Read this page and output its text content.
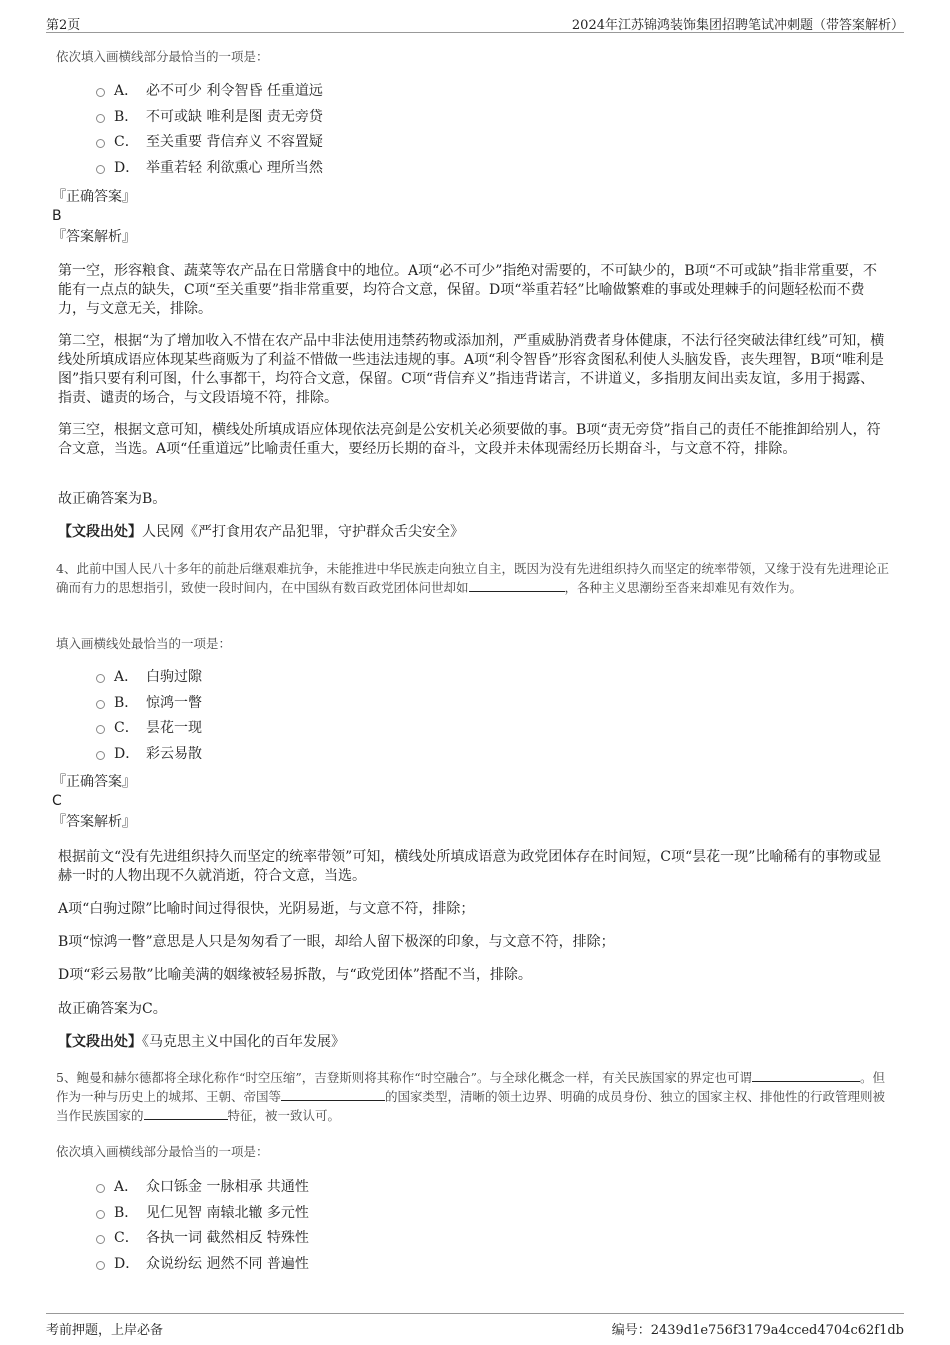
第2页	2024年江苏锦鸿装饰集团招聘笔试冲刺题（带答案解析）
依次填入画横线部分最恰当的一项是：
A． 必不可少 利令智昏 任重道远
B． 不可或缺 唯利是图 责无旁贷
C． 至关重要 背信弃义 不容置疑
D． 举重若轻 利欲熏心 理所当然
『正确答案』
B
『答案解析』
第一空，形容粮食、蔬菜等农产品在日常膳食中的地位。A项“必不可少”指绝对需要的，不可缺少的，B项“不可或缺”指非常重要，不能有一点点的缺失，C项“至关重要”指非常重要，均符合文意，保留。D项“举重若轻”比喻做繁难的事或处理棘手的问题轻松而不费力，与文意无关，排除。
第二空，根据“为了增加收入不惜在农产品中非法使用违禁药物或添加剂，严重威胁消费者身体健康，不法行径突破法律红线”可知，横线处所填成语应体现某些商贩为了利益不惜做一些违法违规的事。A项“利令智昏”形容贪图私利使人头脑发昏，丧失理智，B项“唯利是图”指只要有利可图，什么事都干，均符合文意，保留。C项“背信弃义”指违背诺言，不讲道义，多指朋友间出卖友谊，多用于揭露、指责、谴责的场合，与文段语境不符，排除。
第三空，根据文意可知，横线处所填成语应体现依法亮剑是公安机关必须要做的事。B项“责无旁贷”指自己的责任不能推卸给别人，符合文意，当选。A项“任重道远”比喻责任重大，要经历长期的奋斗，文段并未体现需经历长期奋斗，与文意不符，排除。
故正确答案为B。
【文段出处】人民网《严打食用农产品犯罪，守护群众舌尖安全》
4、此前中国人民八十多年的前赴后继艰难抗争，未能推进中华民族走向独立自主，既因为没有先进组织持久而坚定的统率带领，又缘于没有先进理论正确而有力的思想指引，致使一段时间内，在中国纵有数百政党团体问世却如	，各种主义思潮纷至沓来却难见有效作为。
填入画横线处最恰当的一项是：
A． 白驹过隙
B． 惊鸿一瞥
C． 昙花一现
D． 彩云易散
『正确答案』
C
『答案解析』
根据前文“没有先进组织持久而坚定的统率带领”可知，横线处所填成语意为政党团体存在时间短，C项“昙花一现”比喻稀有的事物或显赫一时的人物出现不久就消逝，符合文意，当选。
A项“白驹过隙”比喻时间过得很快，光阴易逝，与文意不符，排除；
B项“惊鸿一瞥”意思是人只是匆匆看了一眼，却给人留下极深的印象，与文意不符，排除；
D项“彩云易散”比喻美满的姻缘被轻易拆散，与“政党团体”搭配不当，排除。
故正确答案为C。
【文段出处】《马克思主义中国化的百年发展》
5、鲍曼和赫尔德都将全球化称作“时空压缩”，吉登斯则将其称作“时空融合”。与全球化概念一样，有关民族国家的界定也可谓	。但作为一种与历史上的城邦、王朝、帝国等	的国家类型，清晰的领土边界、明确的成员身份、独立的国家主权、排他性的行政管理则被当作民族国家的	特征，被一致认可。
依次填入画横线部分最恰当的一项是：
A． 众口铄金 一脉相承 共通性
B． 见仁见智 南辕北辙 多元性
C． 各执一词 截然相反 特殊性
D． 众说纷纭 迥然不同 普遍性
考前押题，上岸必备	编号：2439d1e756f3179a4cced4704c62f1db
